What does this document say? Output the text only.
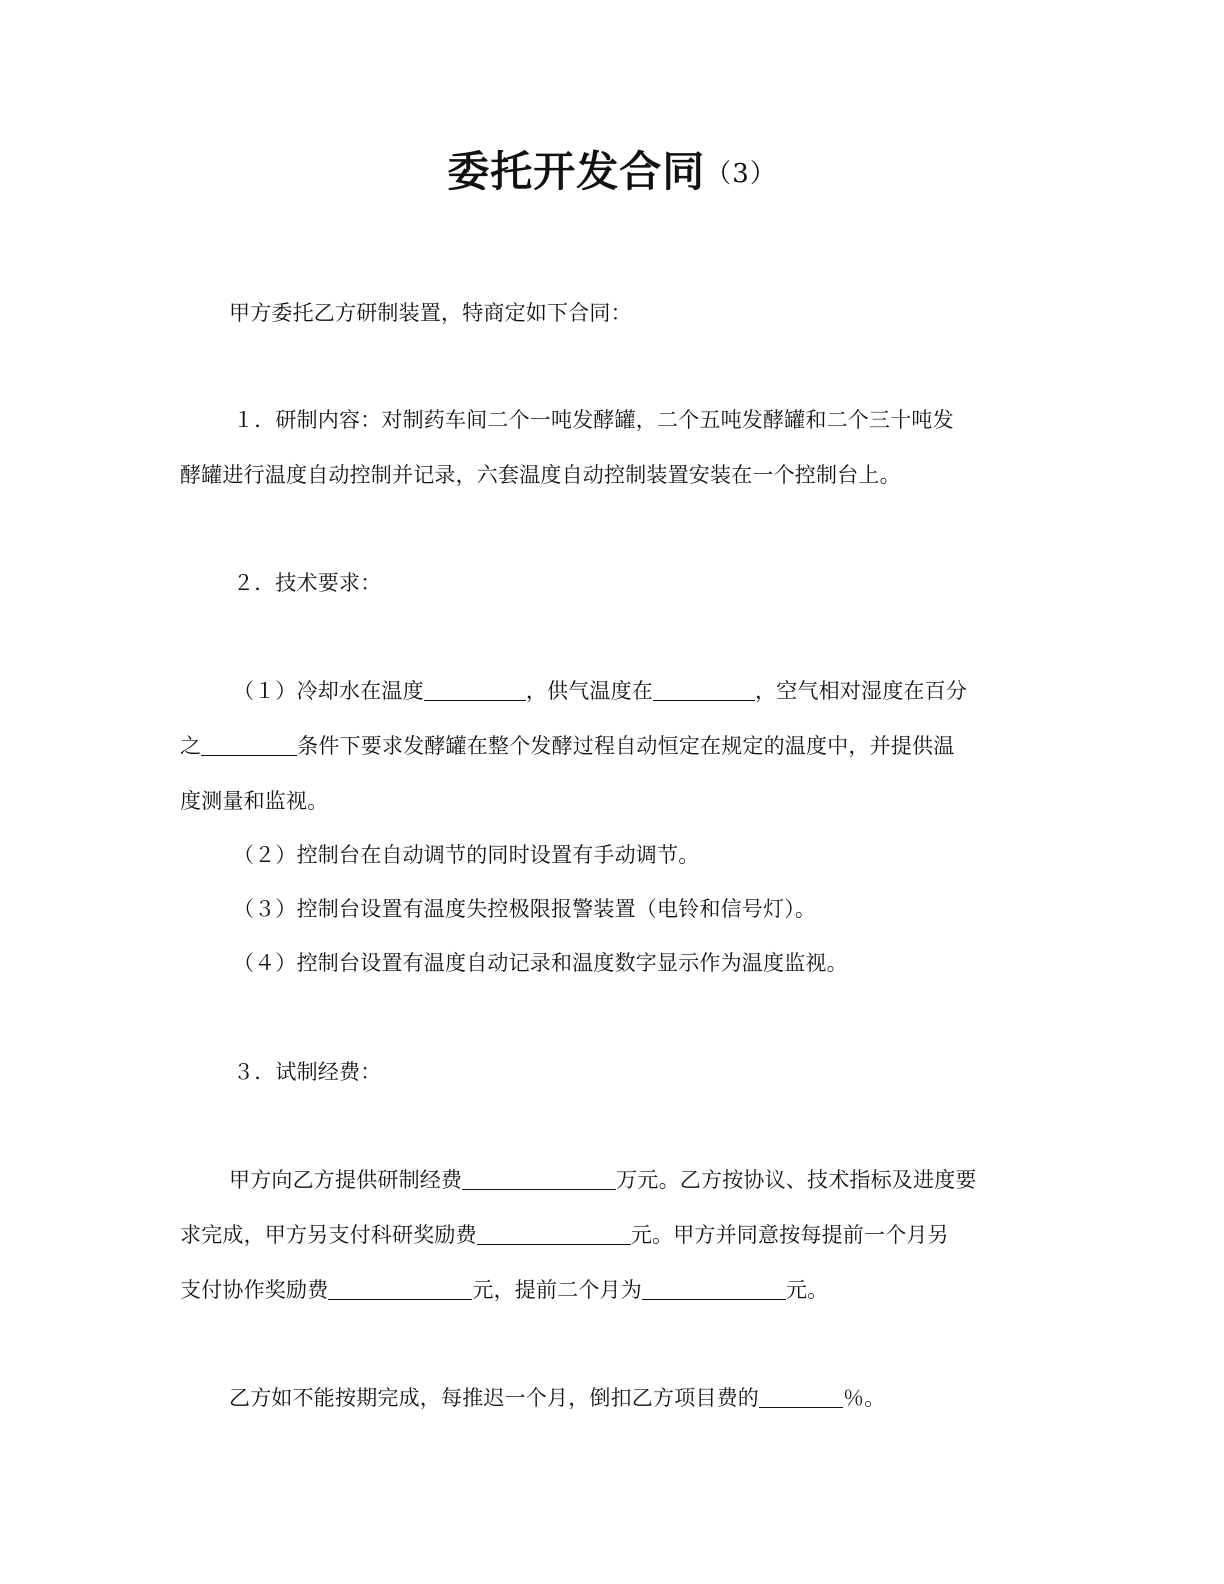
委托开发合同（3）
甲方委托乙方研制装置，特商定如下合同：
１．研制内容：对制药车间二个一吨发酵罐，二个五吨发酵罐和二个三十吨发
酵罐进行温度自动控制并记录，六套温度自动控制装置安装在一个控制台上。
２．技术要求：
（１）冷却水在温度	，供气温度在	，空气相对湿度在百分
之	条件下要求发酵罐在整个发酵过程自动恒定在规定的温度中，并提供温
度测量和监视。
（２）控制台在自动调节的同时设置有手动调节。
（３）控制台设置有温度失控极限报警装置（电铃和信号灯）。
（４）控制台设置有温度自动记录和温度数字显示作为温度监视。
３．试制经费：
甲方向乙方提供研制经费	万元。乙方按协议、技术指标及进度要
求完成，甲方另支付科研奖励费	元。甲方并同意按每提前一个月另
支付协作奖励费	元，提前二个月为	元。
乙方如不能按期完成，每推迟一个月，倒扣乙方项目费的	％。
